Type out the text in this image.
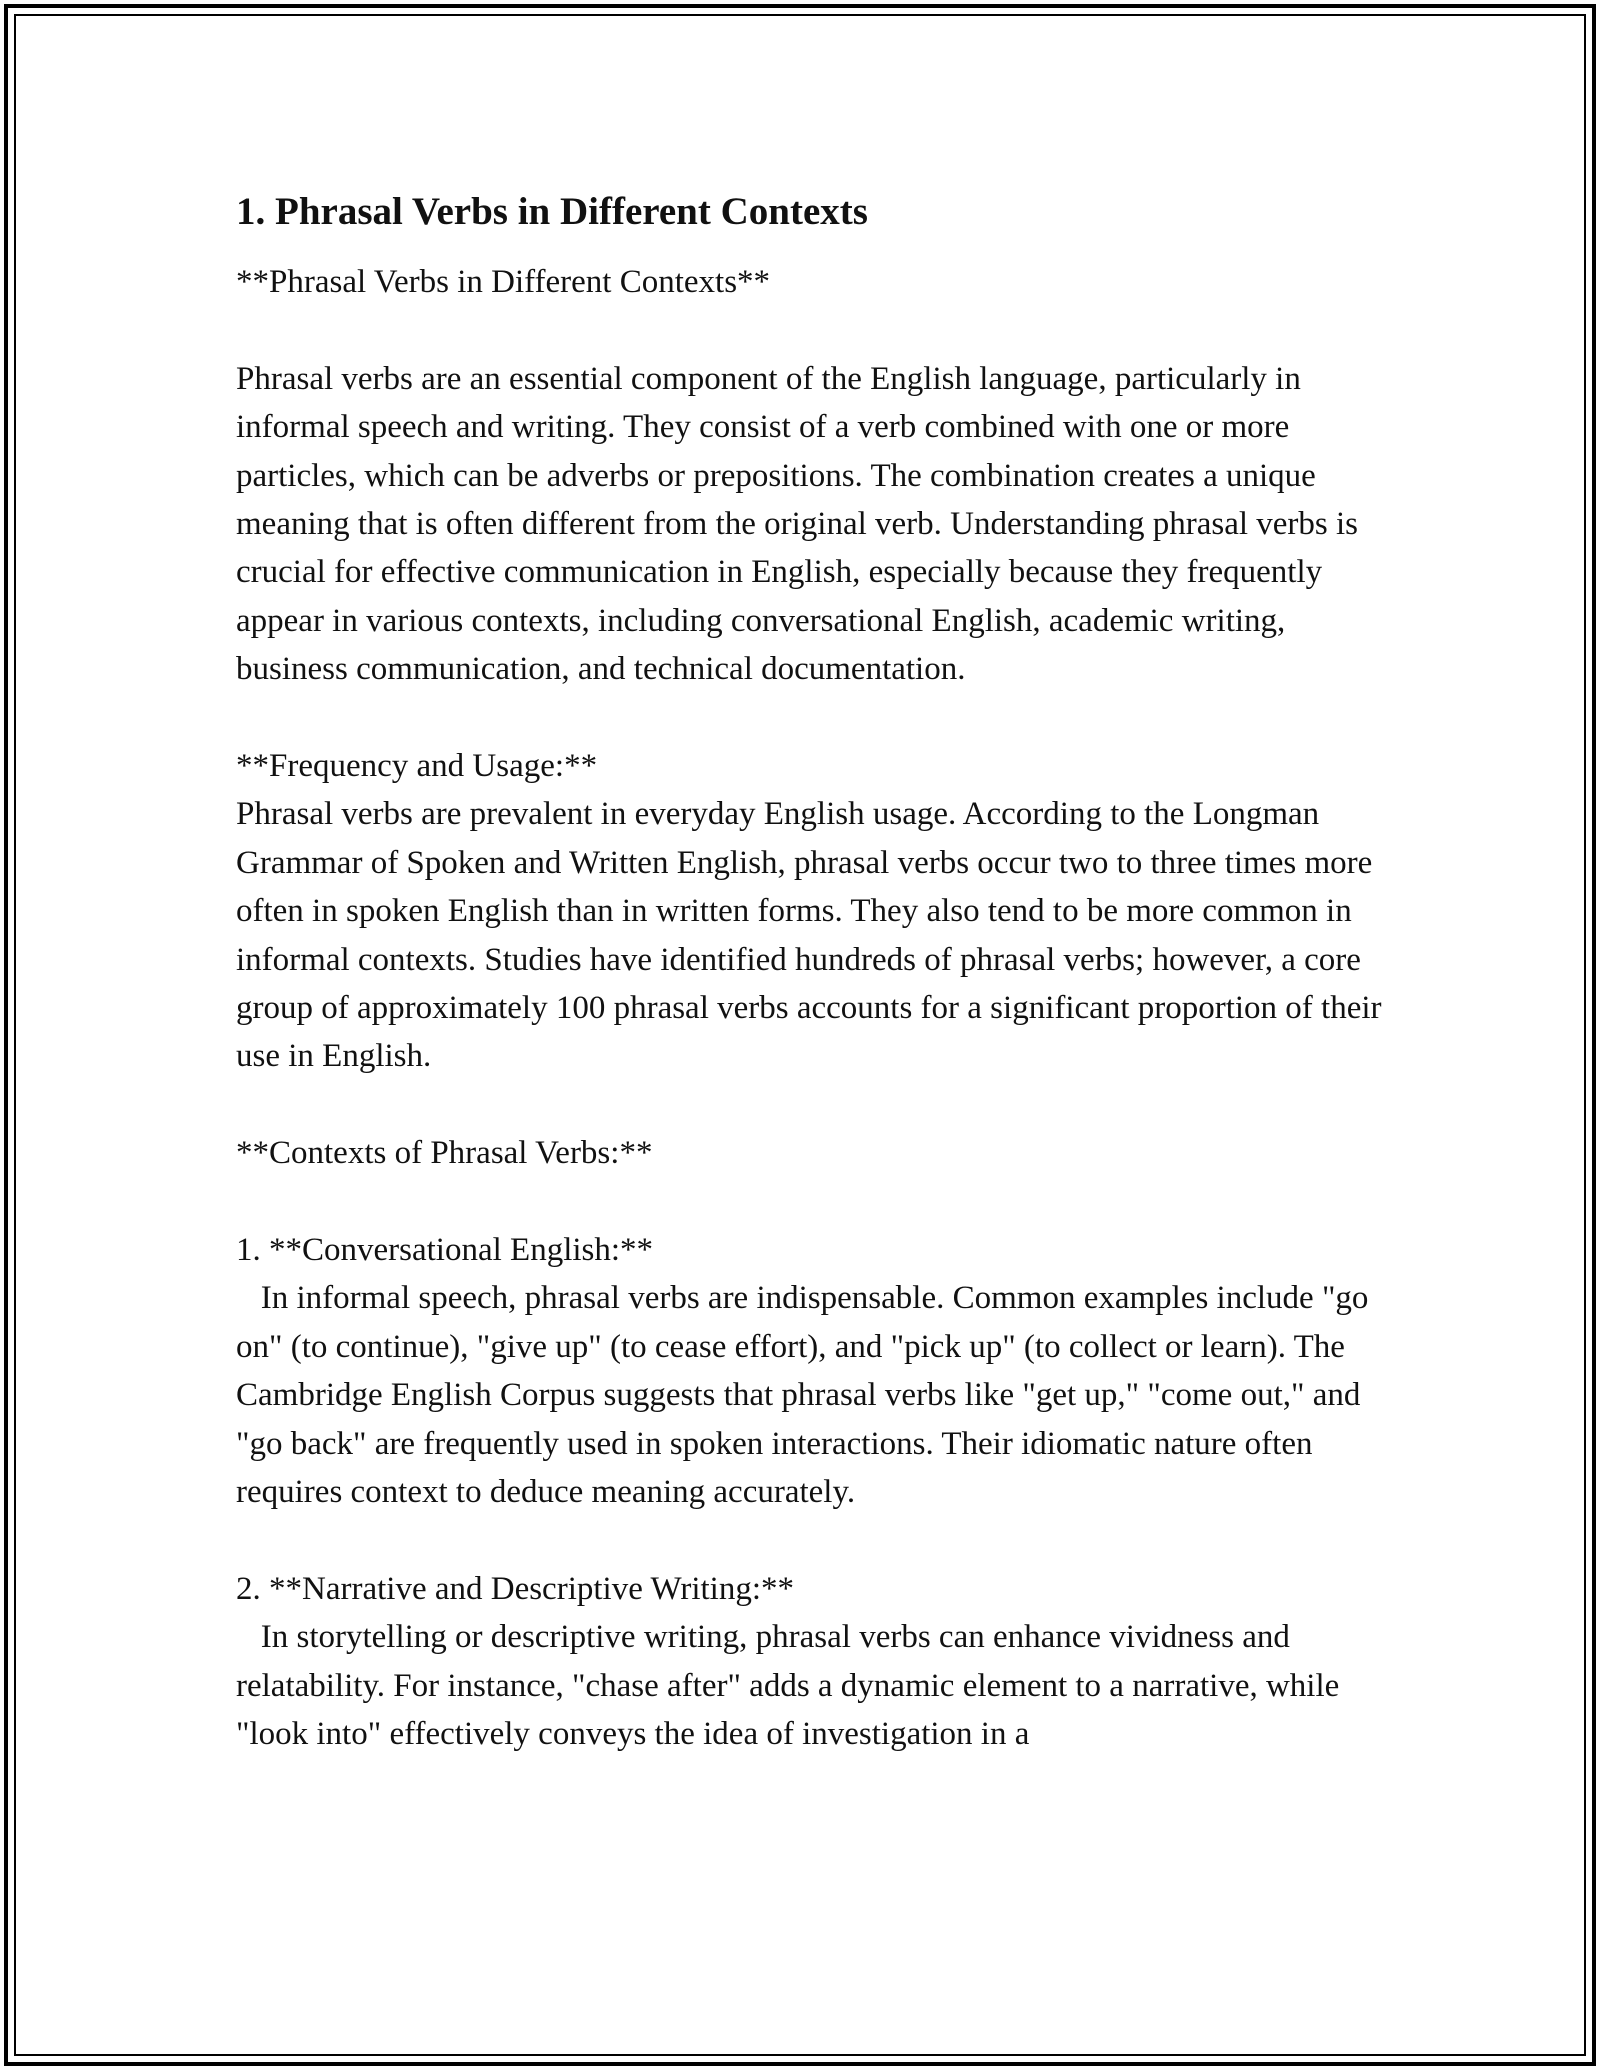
1. Phrasal Verbs in Different Contexts

**Phrasal Verbs in Different Contexts**

Phrasal verbs are an essential component of the English language, particularly in informal speech and writing. They consist of a verb combined with one or more particles, which can be adverbs or prepositions. The combination creates a unique meaning that is often different from the original verb. Understanding phrasal verbs is crucial for effective communication in English, especially because they frequently appear in various contexts, including conversational English, academic writing, business communication, and technical documentation.

**Frequency and Usage:**

Phrasal verbs are prevalent in everyday English usage. According to the Longman Grammar of Spoken and Written English, phrasal verbs occur two to three times more often in spoken English than in written forms. They also tend to be more common in informal contexts. Studies have identified hundreds of phrasal verbs; however, a core group of approximately 100 phrasal verbs accounts for a significant proportion of their use in English.

**Contexts of Phrasal Verbs:**

1. **Conversational English:**

In informal speech, phrasal verbs are indispensable. Common examples include "go on" (to continue), "give up" (to cease effort), and "pick up" (to collect or learn). The Cambridge English Corpus suggests that phrasal verbs like "get up," "come out," and "go back" are frequently used in spoken interactions. Their idiomatic nature often requires context to deduce meaning accurately.

2. **Narrative and Descriptive Writing:**

In storytelling or descriptive writing, phrasal verbs can enhance vividness and relatability. For instance, "chase after" adds a dynamic element to a narrative, while "look into" effectively conveys the idea of investigation in a
